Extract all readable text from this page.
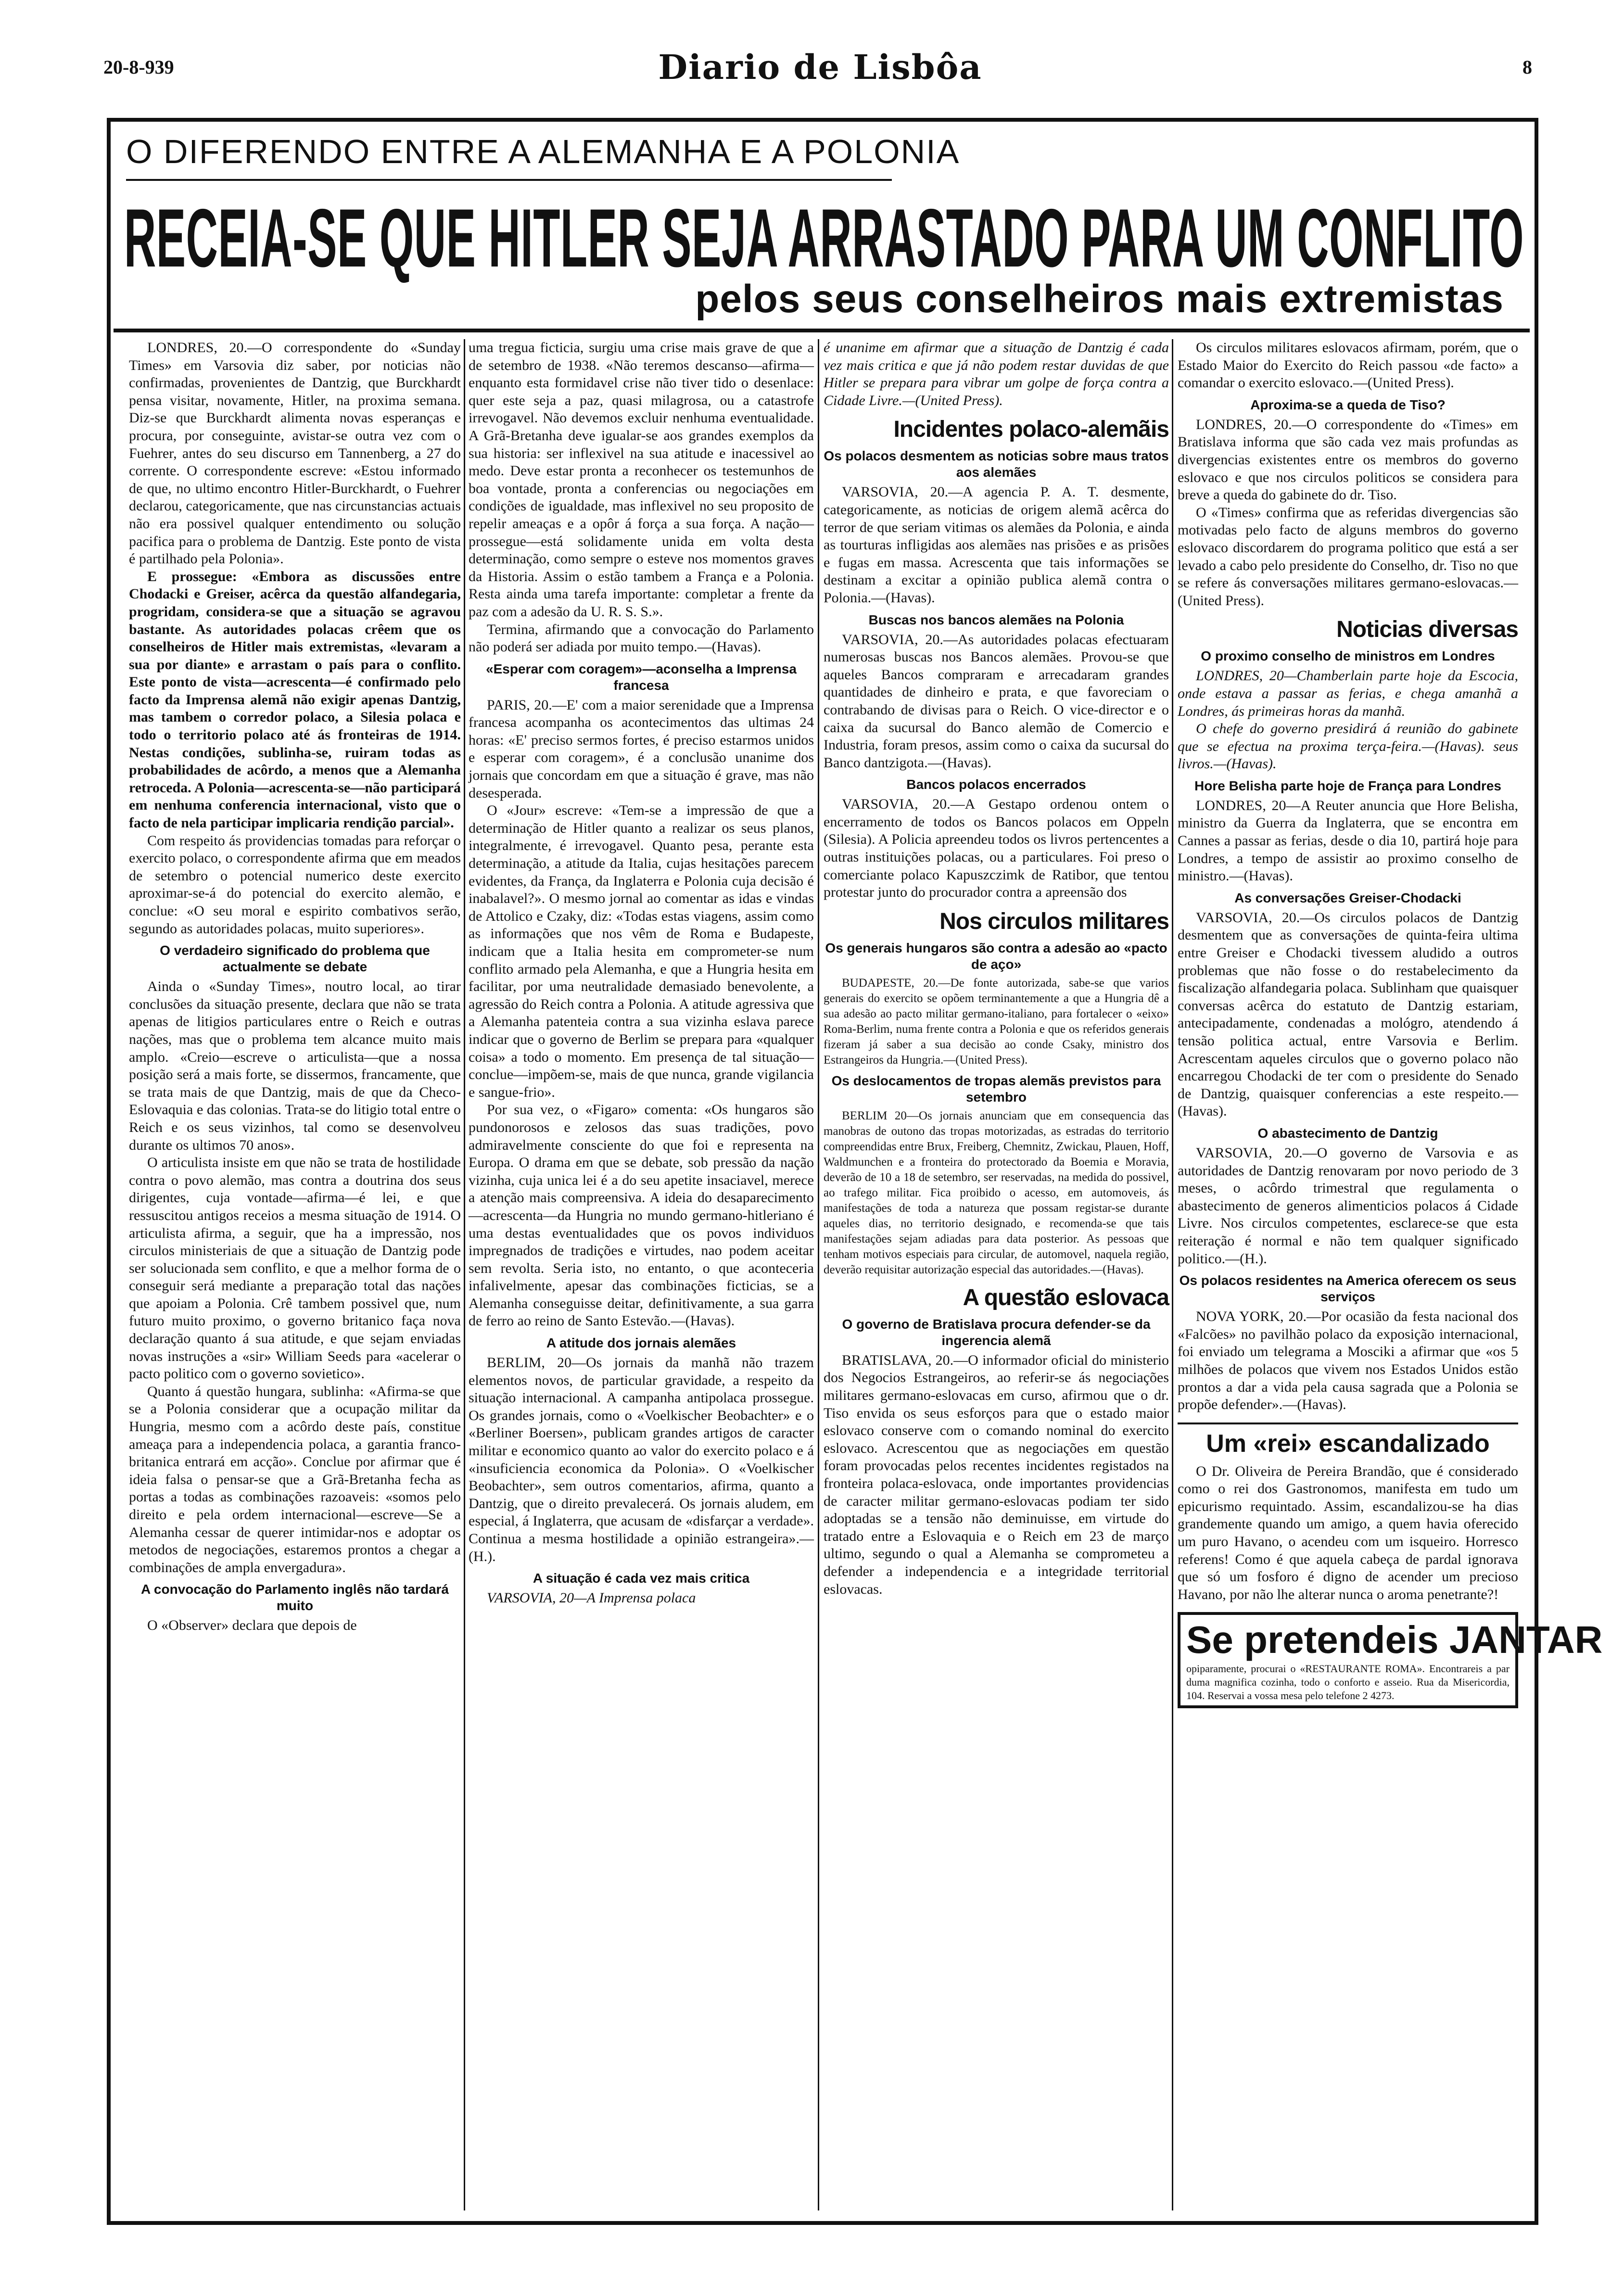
20-8-939	Diario de Lisbôa	8
O DIFERENDO ENTRE A ALEMANHA E A POLONIA
RECEIA-SE QUE HITLER SEJA ARRASTADO PARA UM CONFLITO
pelos seus conselheiros mais extremistas

LONDRES, 20.—O correspondente do «Sunday Times» em Varsovia diz saber, por noticias não confirmadas, provenientes de Dantzig, que Burckhardt pensa visitar, novamente, Hitler, na proxima semana. Diz-se que Burckhardt alimenta novas esperanças e procura, por conseguinte, avistar-se outra vez com o Fuehrer, antes do seu discurso em Tannenberg, a 27 do corrente. O correspondente escreve: «Estou informado de que, no ultimo encontro Hitler-Burckhardt, o Fuehrer declarou, categoricamente, que nas circunstancias actuais não era possivel qualquer entendimento ou solução pacifica para o problema de Dantzig. Este ponto de vista é partilhado pela Polonia».

E prossegue: «Embora as discussões entre Chodacki e Greiser, acêrca da questão alfandegaria, progridam, considera-se que a situação se agravou bastante. As autoridades polacas crêem que os conselheiros de Hitler mais extremistas, «levaram a sua por diante» e arrastam o país para o conflito. Este ponto de vista—acrescenta—é confirmado pelo facto da Imprensa alemã não exigir apenas Dantzig, mas tambem o corredor polaco, a Silesia polaca e todo o territorio polaco até ás fronteiras de 1914. Nestas condições, sublinha-se, ruiram todas as probabilidades de acôrdo, a menos que a Alemanha retroceda. A Polonia—acrescenta-se—não participará em nenhuma conferencia internacional, visto que o facto de nela participar implicaria rendição parcial».

Com respeito ás providencias tomadas para reforçar o exercito polaco, o correspondente afirma que em meados de setembro o potencial numerico deste exercito aproximar-se-á do potencial do exercito alemão, e conclue: «O seu moral e espirito combativos serão, segundo as autoridades polacas, muito superiores».

O verdadeiro significado do problema que actualmente se debate

Ainda o «Sunday Times», noutro local, ao tirar conclusões da situação presente, declara que não se trata apenas de litigios particulares entre o Reich e outras nações, mas que o problema tem alcance muito mais amplo. «Creio—escreve o articulista—que a nossa posição será a mais forte, se dissermos, francamente, que se trata mais de que Dantzig, mais de que da Checo-Eslovaquia e das colonias. Trata-se do litigio total entre o Reich e os seus vizinhos, tal como se desenvolveu durante os ultimos 70 anos».

O articulista insiste em que não se trata de hostilidade contra o povo alemão, mas contra a doutrina dos seus dirigentes, cuja vontade—afirma—é lei, e que ressuscitou antigos receios a mesma situação de 1914. O articulista afirma, a seguir, que ha a impressão, nos circulos ministeriais de que a situação de Dantzig pode ser solucionada sem conflito, e que a melhor forma de o conseguir será mediante a preparação total das nações que apoiam a Polonia. Crê tambem possivel que, num futuro muito proximo, o governo britanico faça nova declaração quanto á sua atitude, e que sejam enviadas novas instruções a «sir» William Seeds para «acelerar o pacto politico com o governo sovietico».

Quanto á questão hungara, sublinha: «Afirma-se que se a Polonia considerar que a ocupação militar da Hungria, mesmo com a acôrdo deste país, constitue ameaça para a independencia polaca, a garantia franco-britanica entrará em acção». Conclue por afirmar que é ideia falsa o pensar-se que a Grã-Bretanha fecha as portas a todas as combinações razoaveis: «somos pelo direito e pela ordem internacional—escreve—Se a Alemanha cessar de querer intimidar-nos e adoptar os metodos de negociações, estaremos prontos a chegar a combinações de ampla envergadura».

A convocação do Parlamento inglês não tardará muito

O «Observer» declara que depois de

uma tregua ficticia, surgiu uma crise mais grave de que a de setembro de 1938. «Não teremos descanso—afirma—enquanto esta formidavel crise não tiver tido o desenlace: quer este seja a paz, quasi milagrosa, ou a catastrofe irrevogavel. Não devemos excluir nenhuma eventualidade. A Grã-Bretanha deve igualar-se aos grandes exemplos da sua historia: ser inflexivel na sua atitude e inacessivel ao medo. Deve estar pronta a reconhecer os testemunhos de boa vontade, pronta a conferencias ou negociações em condições de igualdade, mas inflexivel no seu proposito de repelir ameaças e a opôr á força a sua força. A nação—prossegue—está solidamente unida em volta desta determinação, como sempre o esteve nos momentos graves da Historia. Assim o estão tambem a França e a Polonia. Resta ainda uma tarefa importante: completar a frente da paz com a adesão da U. R. S. S.».

Termina, afirmando que a convocação do Parlamento não poderá ser adiada por muito tempo.—(Havas).

«Esperar com coragem»—aconselha a Imprensa francesa

PARIS, 20.—E' com a maior serenidade que a Imprensa francesa acompanha os acontecimentos das ultimas 24 horas: «E' preciso sermos fortes, é preciso estarmos unidos e esperar com coragem», é a conclusão unanime dos jornais que concordam em que a situação é grave, mas não desesperada.

O «Jour» escreve: «Tem-se a impressão de que a determinação de Hitler quanto a realizar os seus planos, integralmente, é irrevogavel. Quanto pesa, perante esta determinação, a atitude da Italia, cujas hesitações parecem evidentes, da França, da Inglaterra e Polonia cuja decisão é inabalavel?». O mesmo jornal ao comentar as idas e vindas de Attolico e Czaky, diz: «Todas estas viagens, assim como as informações que nos vêm de Roma e Budapeste, indicam que a Italia hesita em comprometer-se num conflito armado pela Alemanha, e que a Hungria hesita em facilitar, por uma neutralidade demasiado benevolente, a agressão do Reich contra a Polonia. A atitude agressiva que a Alemanha patenteia contra a sua vizinha eslava parece indicar que o governo de Berlim se prepara para «qualquer coisa» a todo o momento. Em presença de tal situação—conclue—impõem-se, mais de que nunca, grande vigilancia e sangue-frio».

Por sua vez, o «Figaro» comenta: «Os hungaros são pundonorosos e zelosos das suas tradições, povo admiravelmente consciente do que foi e representa na Europa. O drama em que se debate, sob pressão da nação vizinha, cuja unica lei é a do seu apetite insaciavel, merece a atenção mais compreensiva. A ideia do desaparecimento—acrescenta—da Hungria no mundo germano-hitleriano é uma destas eventualidades que os povos individuos impregnados de tradições e virtudes, nao podem aceitar sem revolta. Seria isto, no entanto, o que aconteceria infalivelmente, apesar das combinações ficticias, se a Alemanha conseguisse deitar, definitivamente, a sua garra de ferro ao reino de Santo Estevão.—(Havas).

A atitude dos jornais alemães

BERLIM, 20—Os jornais da manhã não trazem elementos novos, de particular gravidade, a respeito da situação internacional. A campanha antipolaca prossegue. Os grandes jornais, como o «Voelkischer Beobachter» e o «Berliner Boersen», publicam grandes artigos de caracter militar e economico quanto ao valor do exercito polaco e á «insuficiencia economica da Polonia». O «Voelkischer Beobachter», sem outros comentarios, afirma, quanto a Dantzig, que o direito prevalecerá. Os jornais aludem, em especial, á Inglaterra, que acusam de «disfarçar a verdade». Continua a mesma hostilidade a opinião estrangeira».—(H.).

A situação é cada vez mais critica

VARSOVIA, 20—A Imprensa polaca

é unanime em afirmar que a situação de Dantzig é cada vez mais critica e que já não podem restar duvidas de que Hitler se prepara para vibrar um golpe de força contra a Cidade Livre.—(United Press).

Incidentes polaco-alemãis
Os polacos desmentem as noticias sobre maus tratos aos alemães

VARSOVIA, 20.—A agencia P. A. T. desmente, categoricamente, as noticias de origem alemã acêrca do terror de que seriam vitimas os alemães da Polonia, e ainda as tourturas infligidas aos alemães nas prisões e as prisões e fugas em massa. Acrescenta que tais informações se destinam a excitar a opinião publica alemã contra o Polonia.—(Havas).

Buscas nos bancos alemães na Polonia

VARSOVIA, 20.—As autoridades polacas efectuaram numerosas buscas nos Bancos alemães. Provou-se que aqueles Bancos compraram e arrecadaram grandes quantidades de dinheiro e prata, e que favoreciam o contrabando de divisas para o Reich. O vice-director e o caixa da sucursal do Banco alemão de Comercio e Industria, foram presos, assim como o caixa da sucursal do Banco dantzigota.—(Havas).

Bancos polacos encerrados

VARSOVIA, 20.—A Gestapo ordenou ontem o encerramento de todos os Bancos polacos em Oppeln (Silesia). A Policia apreendeu todos os livros pertencentes a outras instituições polacas, ou a particulares. Foi preso o comerciante polaco Kapuszczimk de Ratibor, que tentou protestar junto do procurador contra a apreensão dos

Nos circulos militares
Os generais hungaros são contra a adesão ao «pacto de aço»

BUDAPESTE, 20.—De fonte autorizada, sabe-se que varios generais do exercito se opõem terminantemente a que a Hungria dê a sua adesão ao pacto militar germano-italiano, para fortalecer o «eixo» Roma-Berlim, numa frente contra a Polonia e que os referidos generais fizeram já saber a sua decisão ao conde Csaky, ministro dos Estrangeiros da Hungria.—(United Press).

Os deslocamentos de tropas alemãs previstos para setembro

BERLIM 20—Os jornais anunciam que em consequencia das manobras de outono das tropas motorizadas, as estradas do territorio compreendidas entre Brux, Freiberg, Chemnitz, Zwickau, Plauen, Hoff, Waldmunchen e a fronteira do protectorado da Boemia e Moravia, deverão de 10 a 18 de setembro, ser reservadas, na medida do possivel, ao trafego militar. Fica proibido o acesso, em automoveis, ás manifestações de toda a natureza que possam registar-se durante aqueles dias, no territorio designado, e recomenda-se que tais manifestações sejam adiadas para data posterior. As pessoas que tenham motivos especiais para circular, de automovel, naquela região, deverão requisitar autorização especial das autoridades.—(Havas).

A questão eslovaca
O governo de Bratislava procura defender-se da ingerencia alemã

BRATISLAVA, 20.—O informador oficial do ministerio dos Negocios Estrangeiros, ao referir-se ás negociações militares germano-eslovacas em curso, afirmou que o dr. Tiso envida os seus esforços para que o estado maior eslovaco conserve com o comando nominal do exercito eslovaco. Acrescentou que as negociações em questão foram provocadas pelos recentes incidentes registados na fronteira polaca-eslovaca, onde importantes providencias de caracter militar germano-eslovacas podiam ter sido adoptadas se a tensão não deminuisse, em virtude do tratado entre a Eslovaquia e o Reich em 23 de março ultimo, segundo o qual a Alemanha se comprometeu a defender a independencia e a integridade territorial eslovacas.

Os circulos militares eslovacos afirmam, porém, que o Estado Maior do Exercito do Reich passou «de facto» a comandar o exercito eslovaco.—(United Press).

Aproxima-se a queda de Tiso?

LONDRES, 20.—O correspondente do «Times» em Bratislava informa que são cada vez mais profundas as divergencias existentes entre os membros do governo eslovaco e que nos circulos politicos se considera para breve a queda do gabinete do dr. Tiso.

O «Times» confirma que as referidas divergencias são motivadas pelo facto de alguns membros do governo eslovaco discordarem do programa politico que está a ser levado a cabo pelo presidente do Conselho, dr. Tiso no que se refere ás conversações militares germano-eslovacas.—(United Press).

Noticias diversas
O proximo conselho de ministros em Londres

LONDRES, 20—Chamberlain parte hoje da Escocia, onde estava a passar as ferias, e chega amanhã a Londres, ás primeiras horas da manhã.

O chefe do governo presidirá á reunião do gabinete que se efectua na proxima terça-feira.—(Havas). seus livros.—(Havas).

Hore Belisha parte hoje de França para Londres

LONDRES, 20—A Reuter anuncia que Hore Belisha, ministro da Guerra da Inglaterra, que se encontra em Cannes a passar as ferias, desde o dia 10, partirá hoje para Londres, a tempo de assistir ao proximo conselho de ministro.—(Havas).

As conversações Greiser-Chodacki

VARSOVIA, 20.—Os circulos polacos de Dantzig desmentem que as conversações de quinta-feira ultima entre Greiser e Chodacki tivessem aludido a outros problemas que não fosse o do restabelecimento da fiscalização alfandegaria polaca. Sublinham que quaisquer conversas acêrca do estatuto de Dantzig estariam, antecipadamente, condenadas a mológro, atendendo á tensão politica actual, entre Varsovia e Berlim. Acrescentam aqueles circulos que o governo polaco não encarregou Chodacki de ter com o presidente do Senado de Dantzig, quaisquer conferencias a este respeito.—(Havas).

O abastecimento de Dantzig

VARSOVIA, 20.—O governo de Varsovia e as autoridades de Dantzig renovaram por novo periodo de 3 meses, o acôrdo trimestral que regulamenta o abastecimento de generos alimenticios polacos á Cidade Livre. Nos circulos competentes, esclarece-se que esta reiteração é normal e não tem qualquer significado politico.—(H.).

Os polacos residentes na America oferecem os seus serviços

NOVA YORK, 20.—Por ocasião da festa nacional dos «Falcões» no pavilhão polaco da exposição internacional, foi enviado um telegrama a Mosciki a afirmar que «os 5 milhões de polacos que vivem nos Estados Unidos estão prontos a dar a vida pela causa sagrada que a Polonia se propõe defender».—(Havas).

Um «rei» escandalizado

O Dr. Oliveira de Pereira Brandão, que é considerado como o rei dos Gastronomos, manifesta em tudo um epicurismo requintado. Assim, escandalizou-se ha dias grandemente quando um amigo, a quem havia oferecido um puro Havano, o acendeu com um isqueiro. Horresco referens! Como é que aquela cabeça de pardal ignorava que só um fosforo é digno de acender um precioso Havano, por não lhe alterar nunca o aroma penetrante?!

Se pretendeis JANTAR
opiparamente, procurai o «RESTAURANTE ROMA». Encontrareis a par duma magnifica cozinha, todo o conforto e asseio. Rua da Misericordia, 104. Reservai a vossa mesa pelo telefone 2 4273.
